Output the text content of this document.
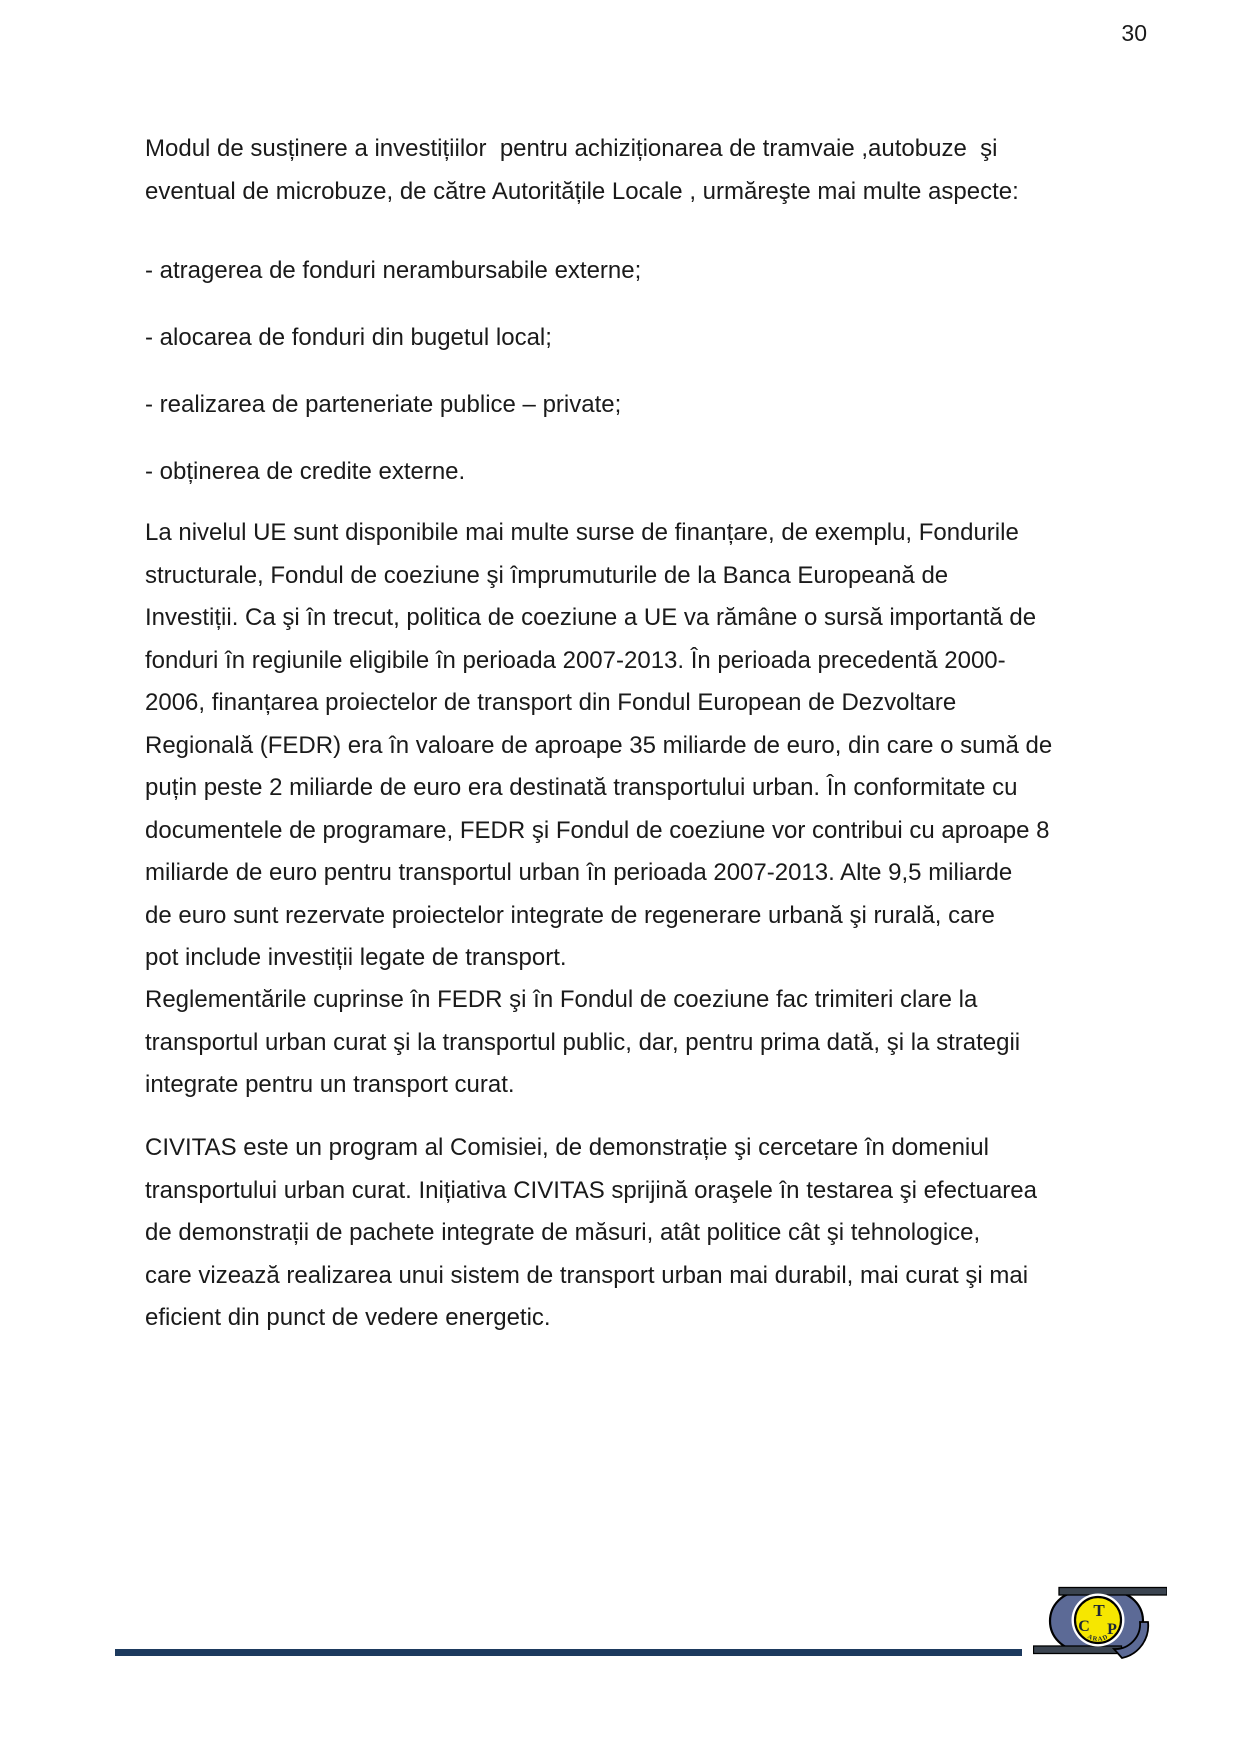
30
Modul de susținere a investițiilor  pentru achiziționarea de tramvaie ,autobuze  şi
eventual de microbuze, de către Autoritățile Locale , urmăreşte mai multe aspecte:
- atragerea de fonduri nerambursabile externe;
- alocarea de fonduri din bugetul local;
- realizarea de parteneriate publice – private;
- obținerea de credite externe.
La nivelul UE sunt disponibile mai multe surse de finanțare, de exemplu, Fondurile
structurale, Fondul de coeziune şi împrumuturile de la Banca Europeană de
Investiții. Ca şi în trecut, politica de coeziune a UE va rămâne o sursă importantă de
fonduri în regiunile eligibile în perioada 2007-2013. În perioada precedentă 2000-
2006, finanțarea proiectelor de transport din Fondul European de Dezvoltare
Regională (FEDR) era în valoare de aproape 35 miliarde de euro, din care o sumă de
puțin peste 2 miliarde de euro era destinată transportului urban. În conformitate cu
documentele de programare, FEDR şi Fondul de coeziune vor contribui cu aproape 8
miliarde de euro pentru transportul urban în perioada 2007-2013. Alte 9,5 miliarde
de euro sunt rezervate proiectelor integrate de regenerare urbană şi rurală, care
pot include investiții legate de transport.
Reglementările cuprinse în FEDR şi în Fondul de coeziune fac trimiteri clare la
transportul urban curat şi la transportul public, dar, pentru prima dată, şi la strategii
integrate pentru un transport curat.
CIVITAS este un program al Comisiei, de demonstrație şi cercetare în domeniul
transportului urban curat. Inițiativa CIVITAS sprijină oraşele în testarea şi efectuarea
de demonstrații de pachete integrate de măsuri, atât politice cât şi tehnologice,
care vizează realizarea unui sistem de transport urban mai durabil, mai curat şi mai
eficient din punct de vedere energetic.
T
C P
ARAD
